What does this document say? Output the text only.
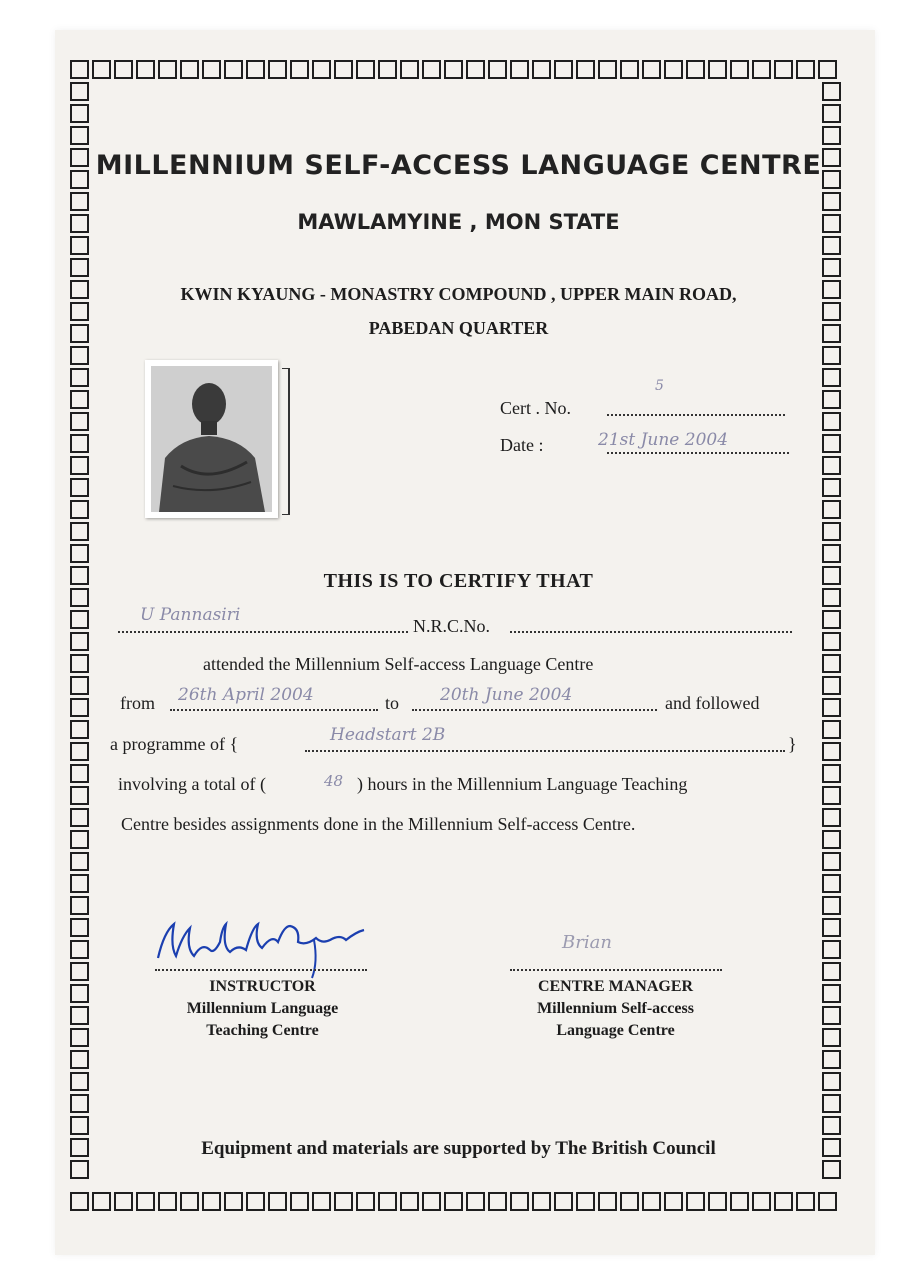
MILLENNIUM SELF-ACCESS LANGUAGE CENTRE
MAWLAMYINE , MON STATE
KWIN KYAUNG - MONASTRY COMPOUND , UPPER MAIN ROAD,
PABEDAN QUARTER
Cert . No.
5
Date :	21st June 2004
THIS IS TO CERTIFY THAT
U Pannasiri
N.R.C.No.
attended the Millennium Self-access Language Centre
from 26th April 2004	to 20th June 2004	and followed
a programme of {	Headstart 2B	}
involving a total of (	48 ) hours in the Millennium Language Teaching
Centre besides assignments done in the Millennium Self-access Centre.
MabelKNyo
INSTRUCTOR
Millennium Language
Teaching Centre
Brian
CENTRE MANAGER
Millennium Self-access
Language Centre
Equipment and materials are supported by The British Council
